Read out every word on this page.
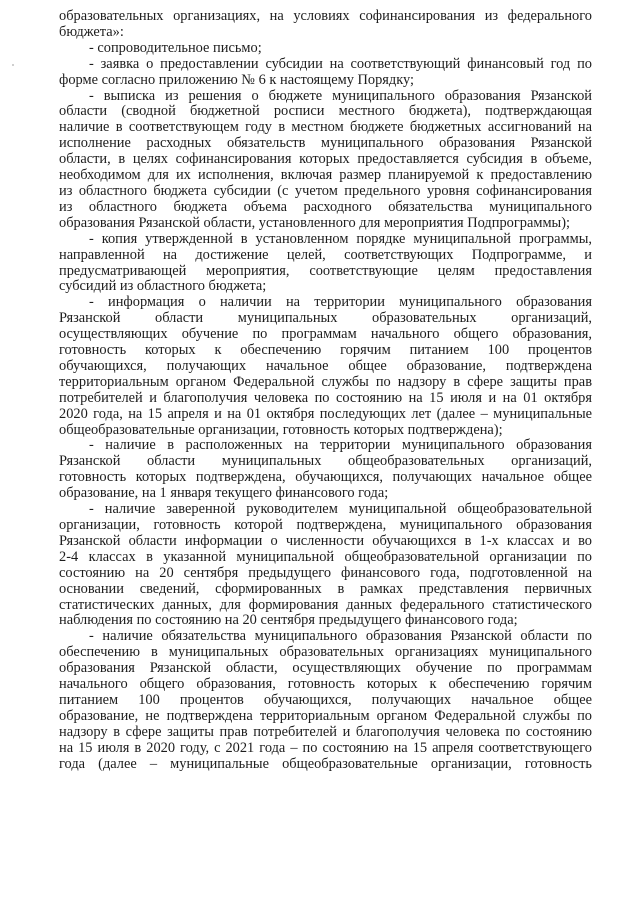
образовательных организациях, на условиях софинансирования из федерального
бюджета»:
- сопроводительное письмо;
- заявка о предоставлении субсидии на соответствующий финансовый год по
форме согласно приложению № 6 к настоящему Порядку;
- выписка из решения о бюджете муниципального образования Рязанской
области (сводной бюджетной росписи местного бюджета), подтверждающая
наличие в соответствующем году в местном бюджете бюджетных ассигнований на
исполнение расходных обязательств муниципального образования Рязанской
области, в целях софинансирования которых предоставляется субсидия в объеме,
необходимом для их исполнения, включая размер планируемой к предоставлению
из областного бюджета субсидии (с учетом предельного уровня софинансирования
из областного бюджета объема расходного обязательства муниципального
образования Рязанской области, установленного для мероприятия Подпрограммы);
- копия утвержденной в установленном порядке муниципальной программы,
направленной на достижение целей, соответствующих Подпрограмме, и
предусматривающей мероприятия, соответствующие целям предоставления
субсидий из областного бюджета;
- информация о наличии на территории муниципального образования
Рязанской области муниципальных образовательных организаций,
осуществляющих обучение по программам начального общего образования,
готовность которых к обеспечению горячим питанием 100 процентов
обучающихся, получающих начальное общее образование, подтверждена
территориальным органом Федеральной службы по надзору в сфере защиты прав
потребителей и благополучия человека по состоянию на 15 июля и на 01 октября
2020 года, на 15 апреля и на 01 октября последующих лет (далее – муниципальные
общеобразовательные организации, готовность которых подтверждена);
- наличие в расположенных на территории муниципального образования
Рязанской области муниципальных общеобразовательных организаций,
готовность которых подтверждена, обучающихся, получающих начальное общее
образование, на 1 января текущего финансового года;
- наличие заверенной руководителем муниципальной общеобразовательной
организации, готовность которой подтверждена, муниципального образования
Рязанской области информации о численности обучающихся в 1-х классах и во
2-4 классах в указанной муниципальной общеобразовательной организации по
состоянию на 20 сентября предыдущего финансового года, подготовленной на
основании сведений, сформированных в рамках представления первичных
статистических данных, для формирования данных федерального статистического
наблюдения по состоянию на 20 сентября предыдущего финансового года;
- наличие обязательства муниципального образования Рязанской области по
обеспечению в муниципальных образовательных организациях муниципального
образования Рязанской области, осуществляющих обучение по программам
начального общего образования, готовность которых к обеспечению горячим
питанием 100 процентов обучающихся, получающих начальное общее
образование, не подтверждена территориальным органом Федеральной службы по
надзору в сфере защиты прав потребителей и благополучия человека по состоянию
на 15 июля в 2020 году, с 2021 года – по состоянию на 15 апреля соответствующего
года (далее – муниципальные общеобразовательные организации, готовность
